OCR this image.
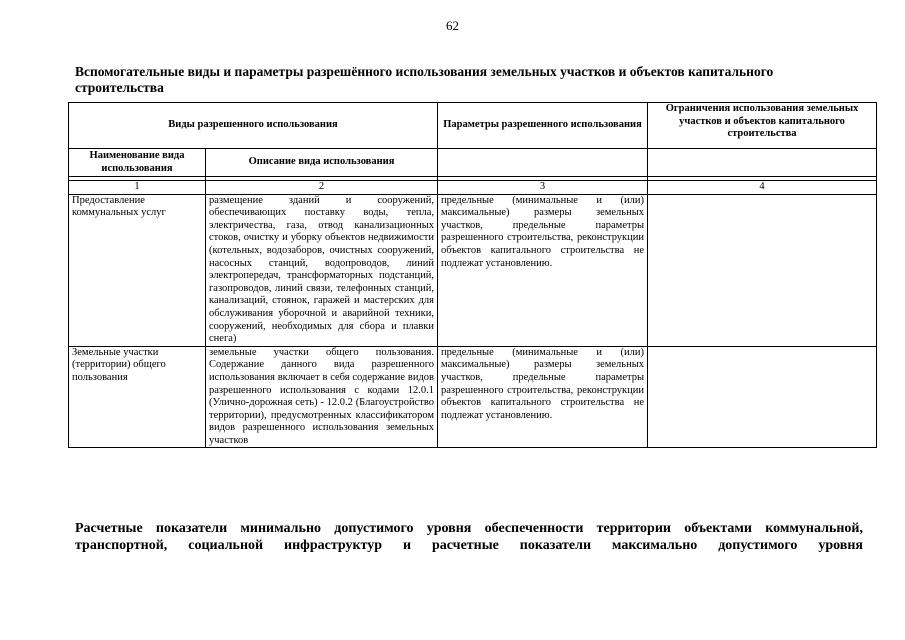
62
Вспомогательные виды и параметры разрешённого использования земельных участков и объектов капитального строительства
Виды разрешенного использования		Параметры разрешенного использования	Ограничения использования земельных участков и объектов капитального строительства
Наименование вида использования	Описание вида использования		

1	2	3	4
Предоставление коммунальных услуг	размещение зданий и сооружений, обеспечивающих поставку воды, тепла, электричества, газа, отвод канализационных стоков, очистку и уборку объектов недвижимости (котельных, водозаборов, очистных сооружений, насосных станций, водопроводов, линий электропередач, трансформаторных подстанций, газопроводов, линий связи, телефонных станций, канализаций, стоянок, гаражей и мастерских для обслуживания уборочной и аварийной техники, сооружений, необходимых для сбора и плавки снега)	предельные (минимальные и (или) максимальные) размеры земельных участков, предельные параметры разрешенного строительства, реконструкции объектов капитального строительства не подлежат установлению.	
Земельные участки (территории) общего пользования	земельные участки общего пользования. Содержание данного вида разрешенного использования включает в себя содержание видов разрешенного использования с кодами 12.0.1 (Улично-дорожная сеть) - 12.0.2 (Благоустройство территории), предусмотренных классификатором видов разрешенного использования земельных участков	предельные (минимальные и (или) максимальные) размеры земельных участков, предельные параметры разрешенного строительства, реконструкции объектов капитального строительства не подлежат установлению.	
Расчетные показатели минимально допустимого уровня обеспеченности территории объектами коммунальной,
транспортной, социальной инфраструктур и расчетные показатели максимально допустимого уровня
